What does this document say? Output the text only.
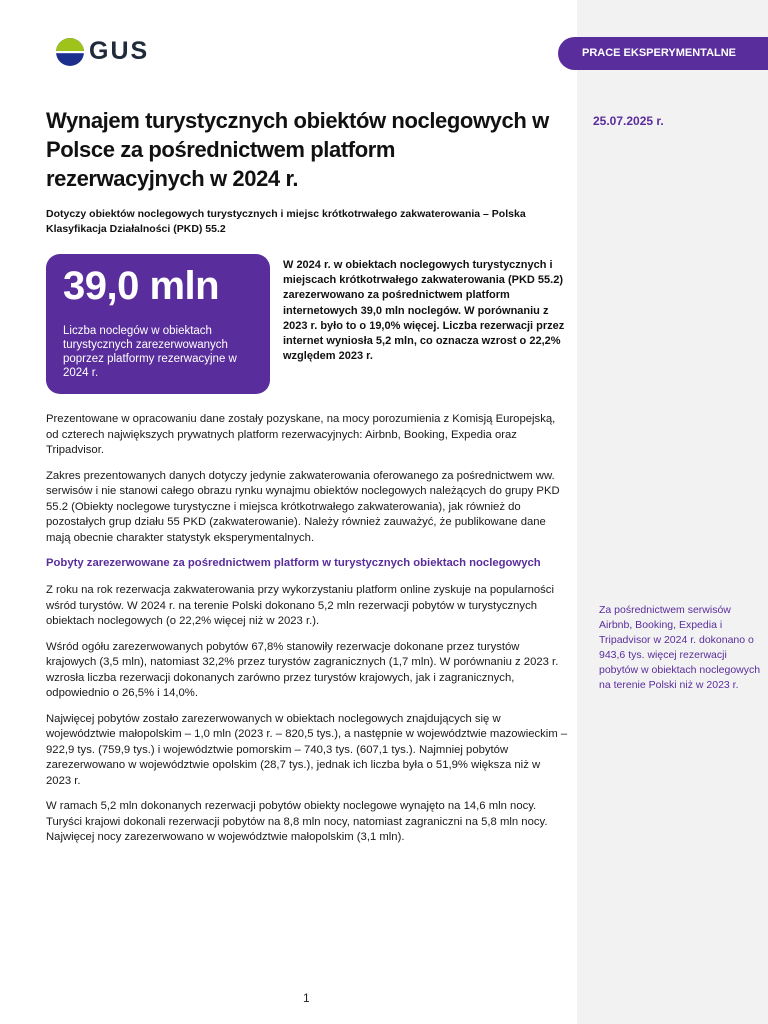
GUS	PRACE EKSPERYMENTALNE
25.07.2025 r.
Wynajem turystycznych obiektów noclegowych w Polsce za pośrednictwem platform rezerwacyjnych w 2024 r.
Dotyczy obiektów noclegowych turystycznych i miejsc krótkotrwałego zakwaterowania – Polska Klasyfikacja Działalności (PKD) 55.2
39,0 mln
Liczba noclegów w obiektach turystycznych zarezerwowanych poprzez platformy rezerwacyjne w 2024 r.
W 2024 r. w obiektach noclegowych turystycznych i miejscach krótkotrwałego zakwaterowania (PKD 55.2) zarezerwowano za pośrednictwem platform internetowych 39,0 mln noclegów. W porównaniu z 2023 r. było to o 19,0% więcej. Liczba rezerwacji przez internet wyniosła 5,2 mln, co oznacza wzrost o 22,2% względem 2023 r.

Prezentowane w opracowaniu dane zostały pozyskane, na mocy porozumienia z Komisją Europejską, od czterech największych prywatnych platform rezerwacyjnych: Airbnb, Booking, Expedia oraz Tripadvisor.

Zakres prezentowanych danych dotyczy jedynie zakwaterowania oferowanego za pośrednictwem ww. serwisów i nie stanowi całego obrazu rynku wynajmu obiektów noclegowych należących do grupy PKD 55.2 (Obiekty noclegowe turystyczne i miejsca krótkotrwałego zakwaterowania), jak również do pozostałych grup działu 55 PKD (zakwaterowanie). Należy również zauważyć, że publikowane dane mają obecnie charakter statystyk eksperymentalnych.

Pobyty zarezerwowane za pośrednictwem platform w turystycznych obiektach noclegowych

Z roku na rok rezerwacja zakwaterowania przy wykorzystaniu platform online zyskuje na popularności wśród turystów. W 2024 r. na terenie Polski dokonano 5,2 mln rezerwacji pobytów w turystycznych obiektach noclegowych (o 22,2% więcej niż w 2023 r.).

Wśród ogółu zarezerwowanych pobytów 67,8% stanowiły rezerwacje dokonane przez turystów krajowych (3,5 mln), natomiast 32,2% przez turystów zagranicznych (1,7 mln). W porównaniu z 2023 r. wzrosła liczba rezerwacji dokonanych zarówno przez turystów krajowych, jak i zagranicznych, odpowiednio o 26,5% i 14,0%.

Najwięcej pobytów zostało zarezerwowanych w obiektach noclegowych znajdujących się w województwie małopolskim – 1,0 mln (2023 r. – 820,5 tys.), a następnie w województwie mazowieckim – 922,9 tys. (759,9 tys.) i województwie pomorskim – 740,3 tys. (607,1 tys.). Najmniej pobytów zarezerwowano w województwie opolskim (28,7 tys.), jednak ich liczba była o 51,9% większa niż w 2023 r.

W ramach 5,2 mln dokonanych rezerwacji pobytów obiekty noclegowe wynajęto na 14,6 mln nocy. Turyści krajowi dokonali rezerwacji pobytów na 8,8 mln nocy, natomiast zagraniczni na 5,8 mln nocy. Najwięcej nocy zarezerwowano w województwie małopolskim (3,1 mln).

Za pośrednictwem serwisów Airbnb, Booking, Expedia i Tripadvisor w 2024 r. dokonano o 943,6 tys. więcej rezerwacji pobytów w obiektach noclegowych na terenie Polski niż w 2023 r.
1
